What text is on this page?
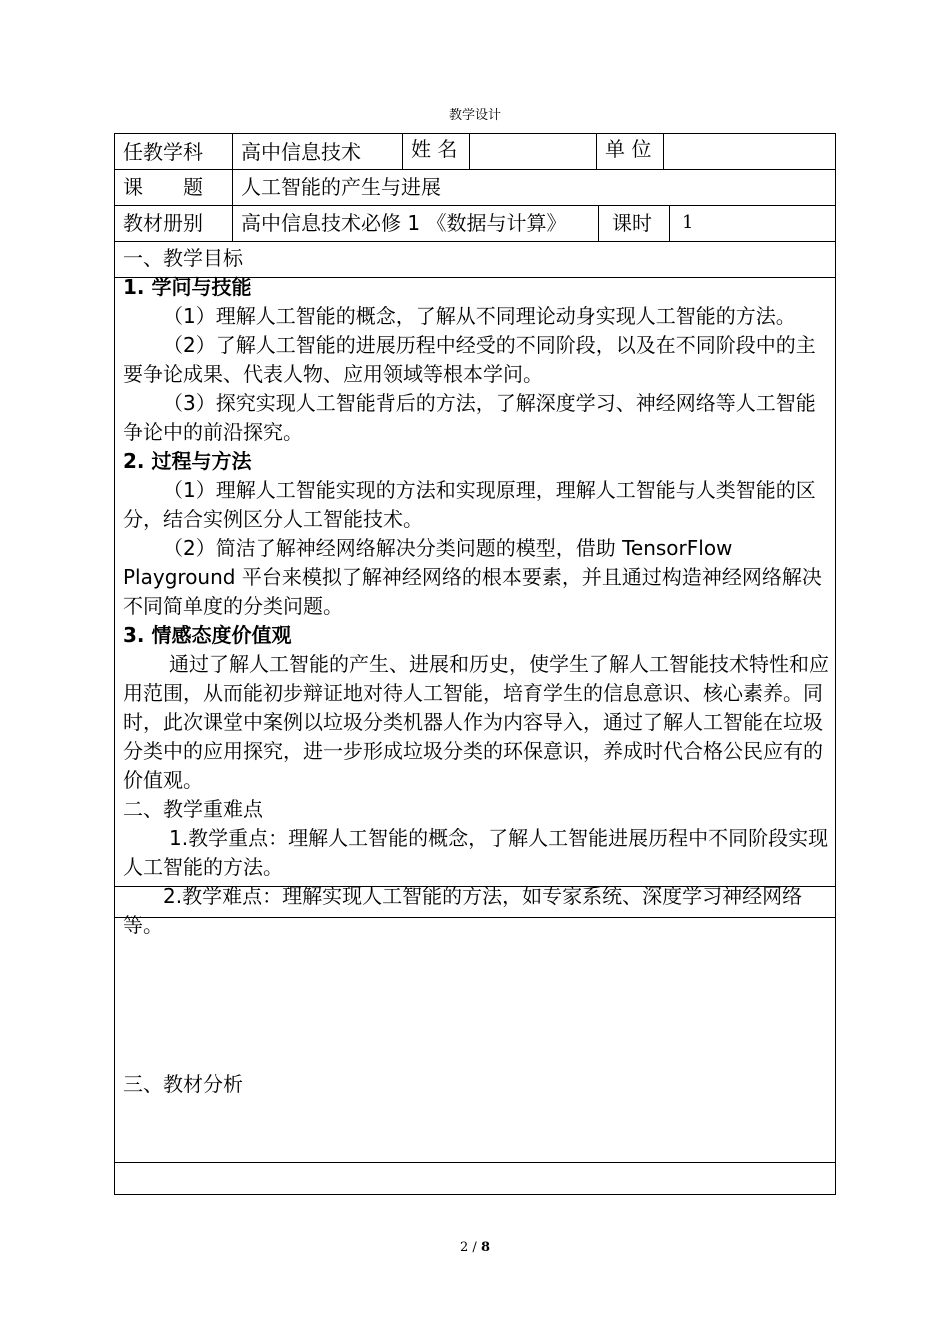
教学设计
任教学科 高中信息技术	姓 名	单 位
课　　题 人工智能的产生与进展
教材册别 高中信息技术必修 1 《数据与计算》 课时 1

一、教学目标

1. 学问与技能

（1）理解人工智能的概念，了解从不同理论动身实现人工智能的方法。

（2）了解人工智能的进展历程中经受的不同阶段，以及在不同阶段中的主要争论成果、代表人物、应用领域等根本学问。

（3）探究实现人工智能背后的方法，了解深度学习、神经网络等人工智能争论中的前沿探究。

2. 过程与方法

（1）理解人工智能实现的方法和实现原理，理解人工智能与人类智能的区分，结合实例区分人工智能技术。

（2）简洁了解神经网络解决分类问题的模型，借助 TensorFlow Playground 平台来模拟了解神经网络的根本要素，并且通过构造神经网络解决不同简单度的分类问题。

3. 情感态度价值观

通过了解人工智能的产生、进展和历史，使学生了解人工智能技术特性和应用范围，从而能初步辩证地对待人工智能，培育学生的信息意识、核心素养。同时，此次课堂中案例以垃圾分类机器人作为内容导入，通过了解人工智能在垃圾分类中的应用探究，进一步形成垃圾分类的环保意识，养成时代合格公民应有的价值观。

二、教学重难点

1.教学重点：理解人工智能的概念，了解人工智能进展历程中不同阶段实现人工智能的方法。

2.教学难点：理解实现人工智能的方法，如专家系统、深度学习神经网络等。

三、教材分析
2 / 8
